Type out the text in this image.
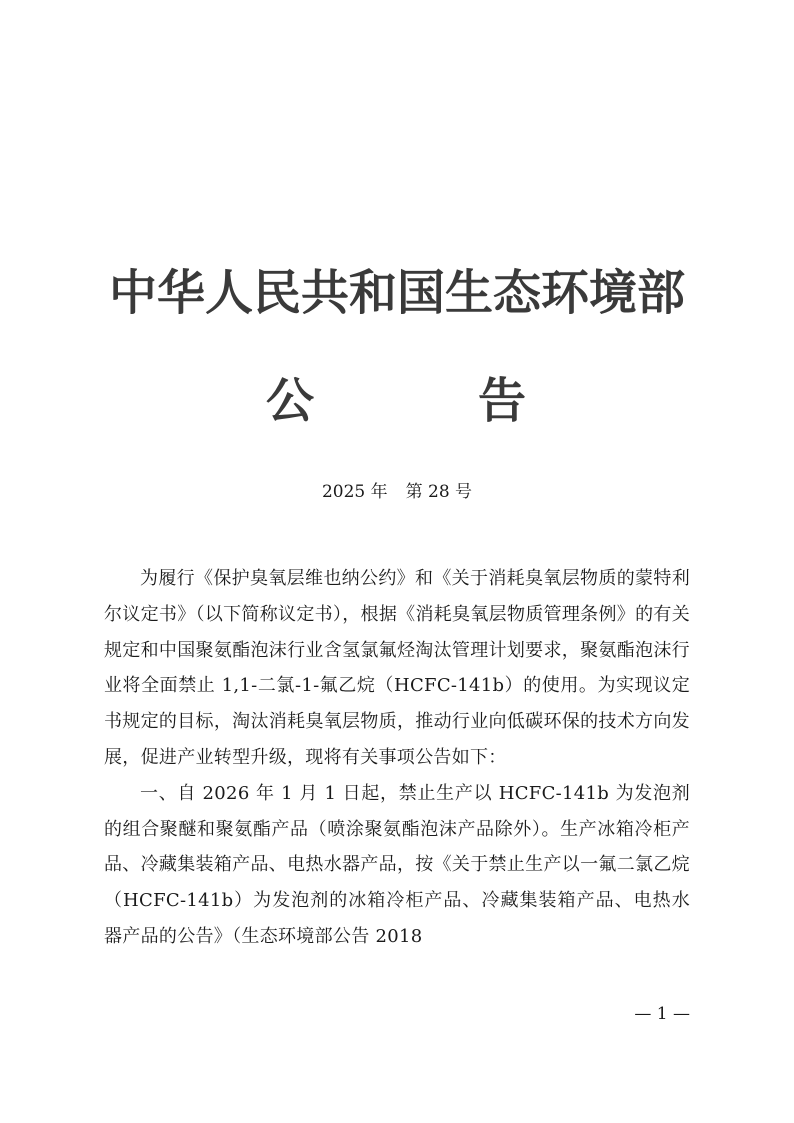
中华人民共和国生态环境部
公	告
2025 年 第 28 号

为履行《保护臭氧层维也纳公约》和《关于消耗臭氧层物质的蒙特利尔议定书》（以下简称议定书），根据《消耗臭氧层物质管理条例》的有关规定和中国聚氨酯泡沫行业含氢氯氟烃淘汰管理计划要求，聚氨酯泡沫行业将全面禁止 1,1-二氯-1-氟乙烷（HCFC-141b）的使用。为实现议定书规定的目标，淘汰消耗臭氧层物质，推动行业向低碳环保的技术方向发展，促进产业转型升级，现将有关事项公告如下：

一、自 2026 年 1 月 1 日起，禁止生产以 HCFC-141b 为发泡剂的组合聚醚和聚氨酯产品（喷涂聚氨酯泡沫产品除外）。生产冰箱冷柜产品、冷藏集装箱产品、电热水器产品，按《关于禁止生产以一氟二氯乙烷（HCFC-141b）为发泡剂的冰箱冷柜产品、冷藏集装箱产品、电热水器产品的公告》（生态环境部公告 2018

— 1 —
